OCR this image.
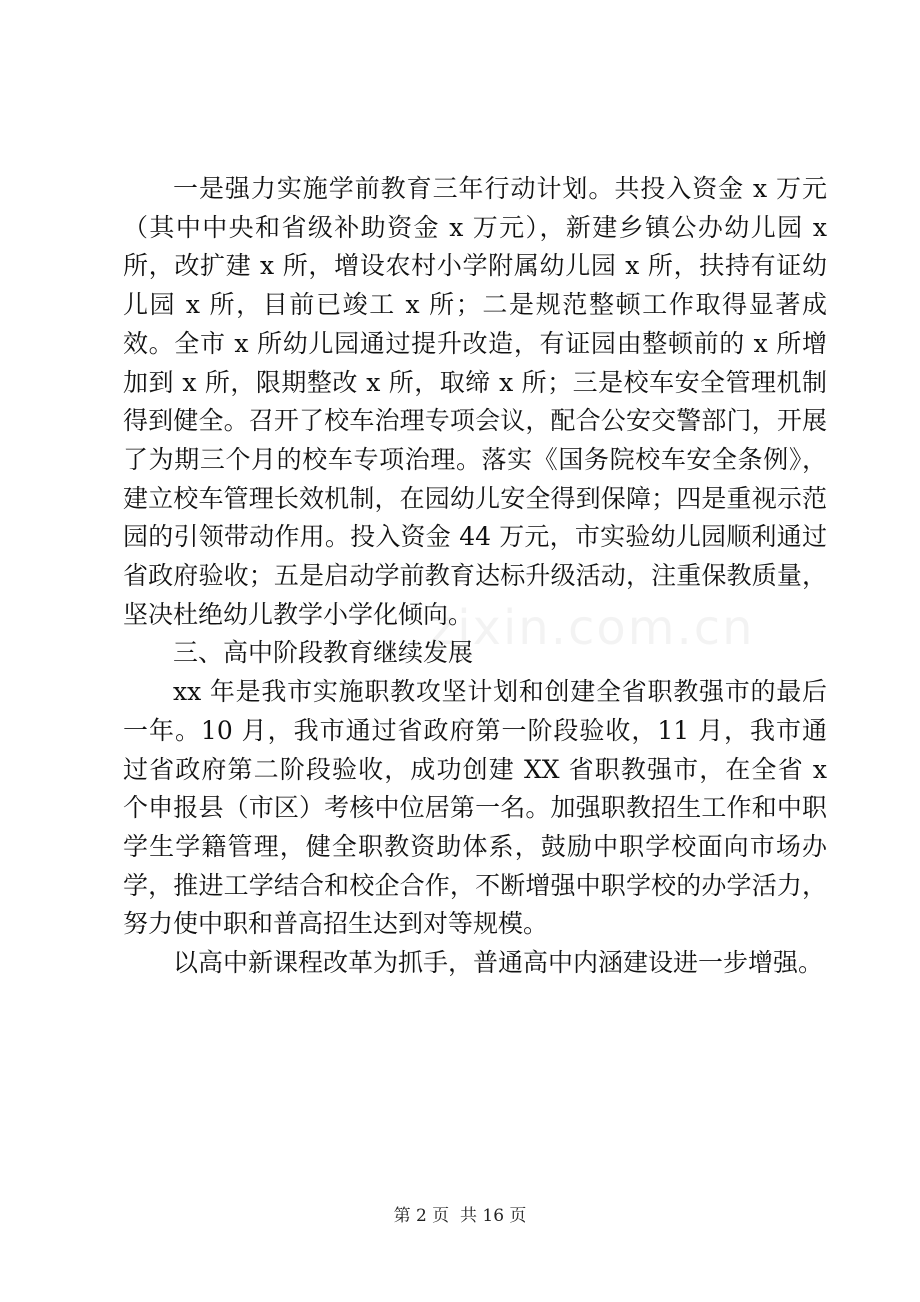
一是强力实施学前教育三年行动计划。共投入资金 x 万元（其中中央和省级补助资金 x 万元），新建乡镇公办幼儿园 x 所，改扩建 x 所，增设农村小学附属幼儿园 x 所，扶持有证幼儿园 x 所，目前已竣工 x 所；二是规范整顿工作取得显著成效。全市 x 所幼儿园通过提升改造，有证园由整顿前的 x 所增加到 x 所，限期整改 x 所，取缔 x 所；三是校车安全管理机制得到健全。召开了校车治理专项会议，配合公安交警部门，开展了为期三个月的校车专项治理。落实《国务院校车安全条例》，建立校车管理长效机制，在园幼儿安全得到保障；四是重视示范园的引领带动作用。投入资金 44 万元，市实验幼儿园顺利通过省政府验收；五是启动学前教育达标升级活动，注重保教质量，坚决杜绝幼儿教学小学化倾向。

三、高中阶段教育继续发展

xx 年是我市实施职教攻坚计划和创建全省职教强市的最后一年。10 月，我市通过省政府第一阶段验收，11 月，我市通过省政府第二阶段验收，成功创建 XX 省职教强市，在全省 x 个申报县（市区）考核中位居第一名。加强职教招生工作和中职学生学籍管理，健全职教资助体系，鼓励中职学校面向市场办学，推进工学结合和校企合作，不断增强中职学校的办学活力，努力使中职和普高招生达到对等规模。

以高中新课程改革为抓手，普通高中内涵建设进一步增强。

第 2 页  共 16 页
